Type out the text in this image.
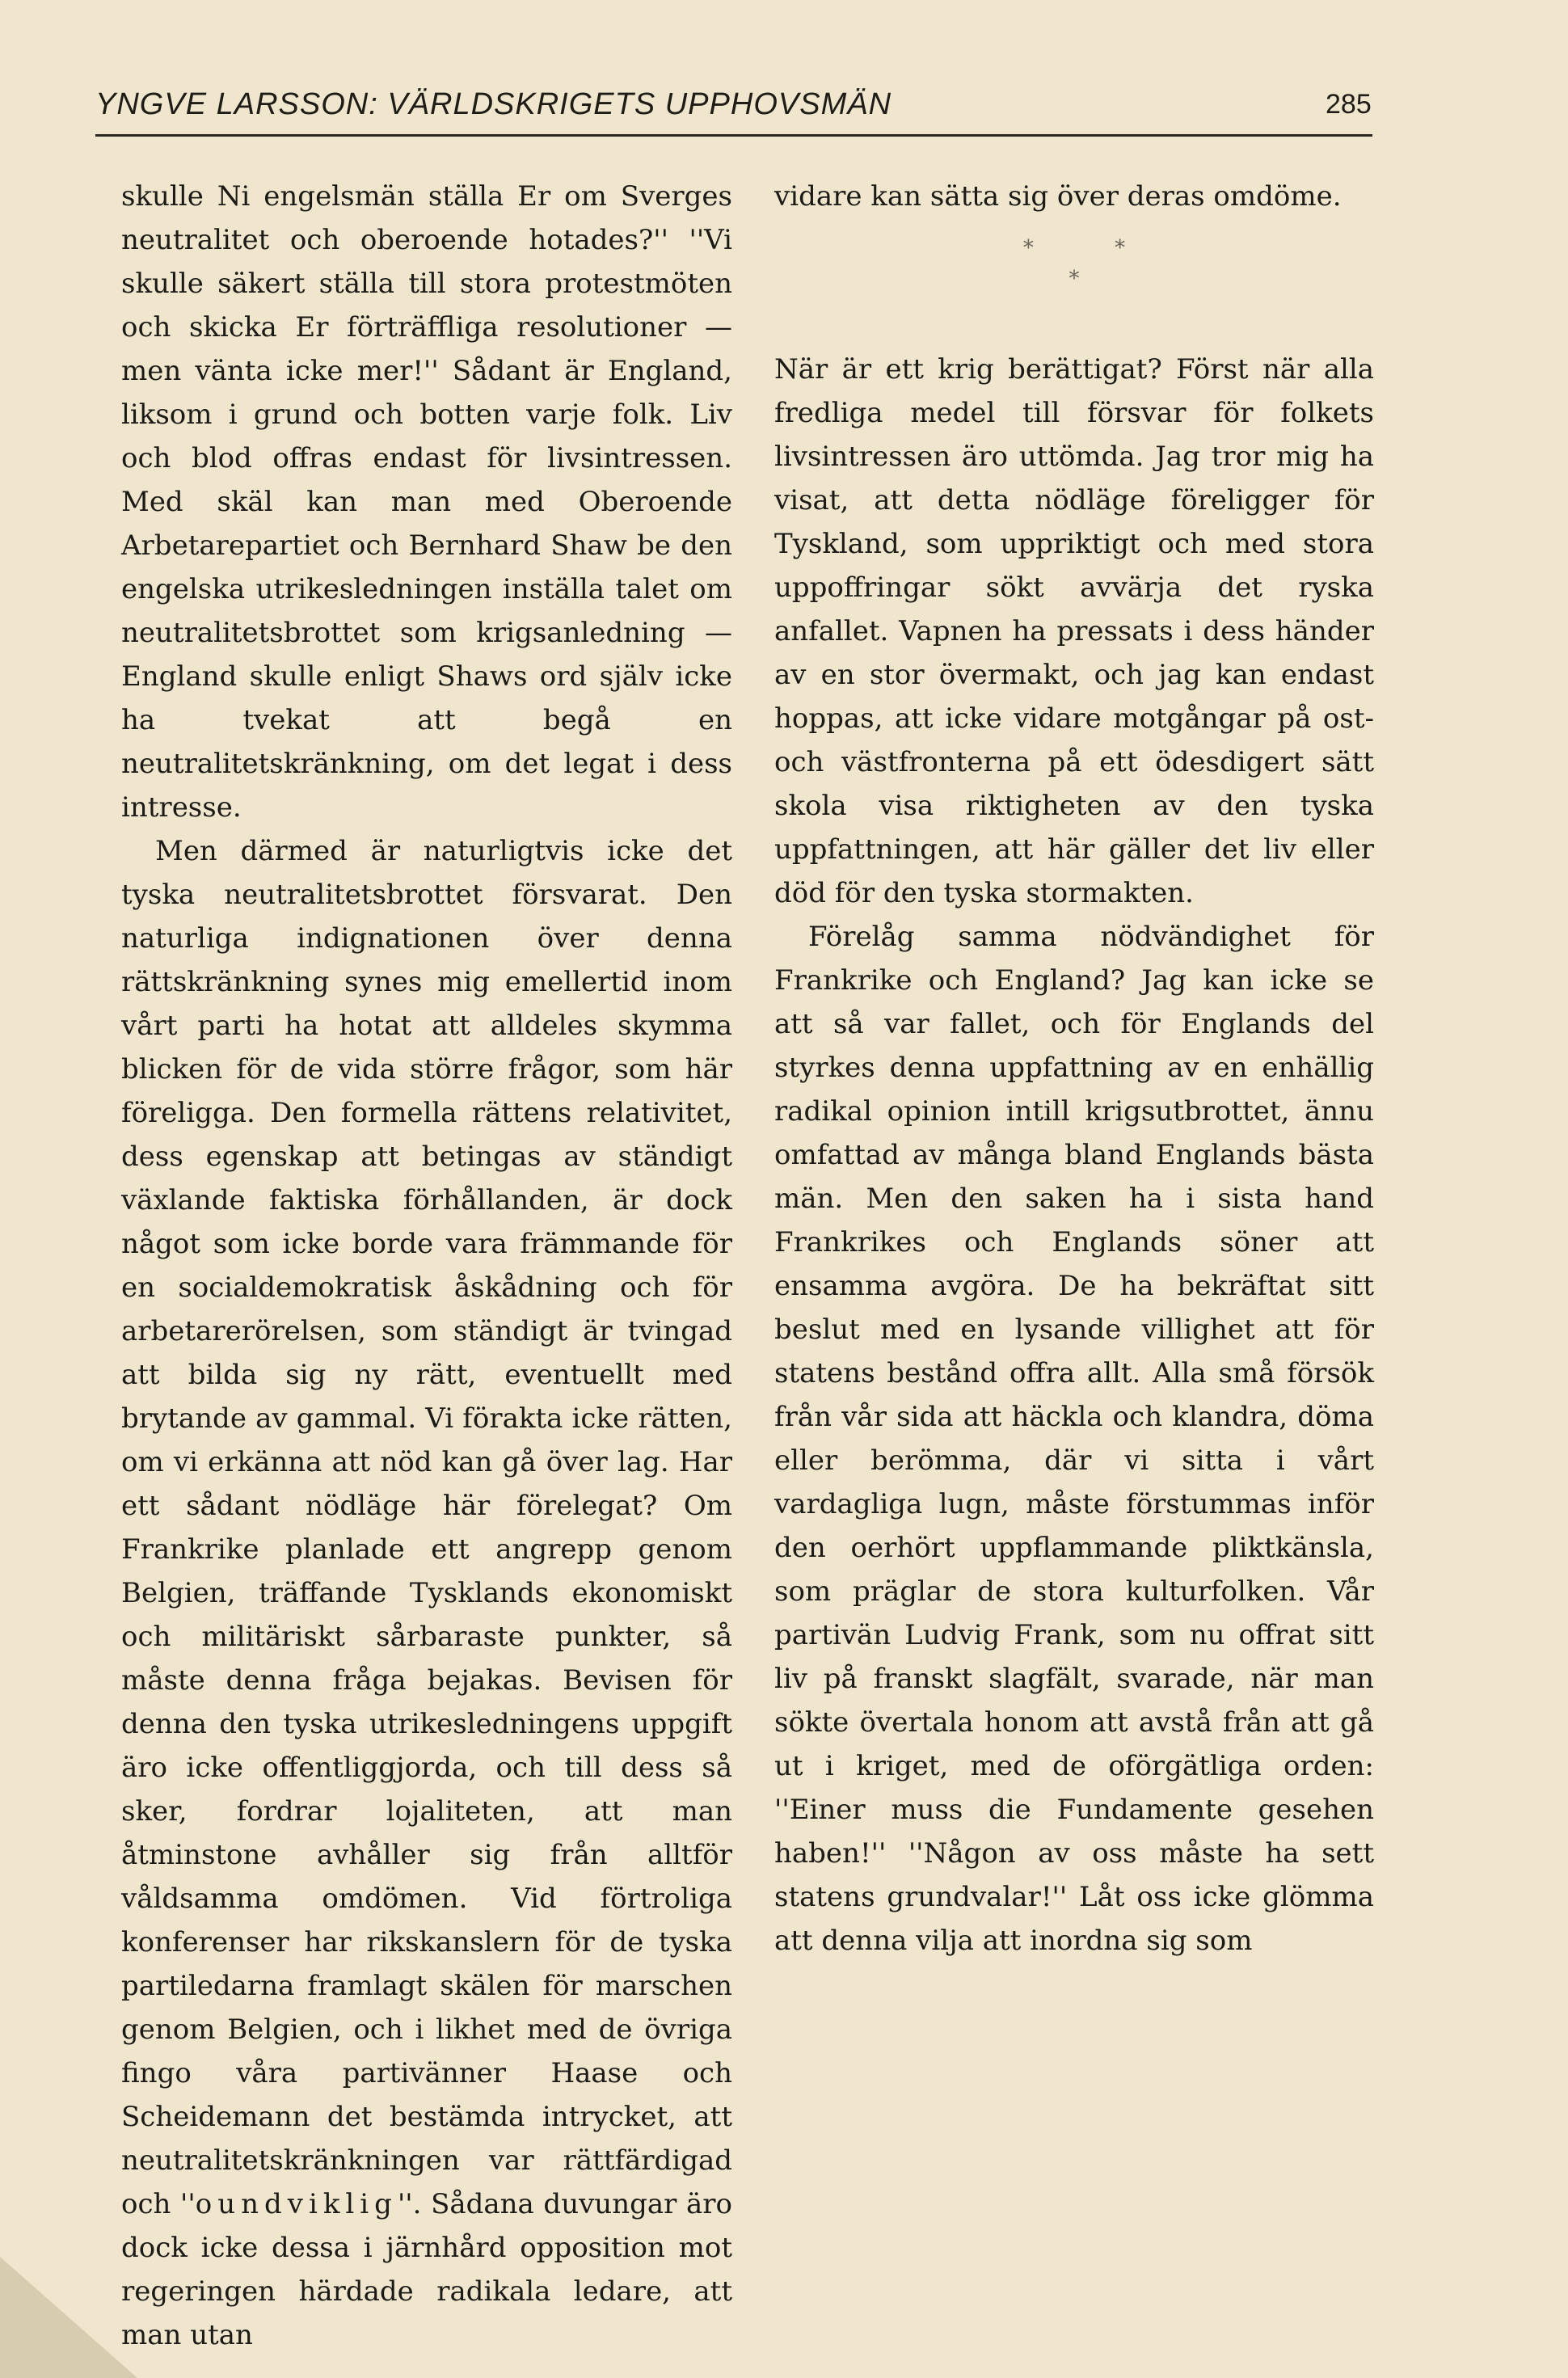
YNGVE LARSSON: VÄRLDSKRIGETS UPPHOVSMÄN	285

skulle Ni engelsmän ställa Er om Sverges neutralitet och oberoende hotades?'' ''Vi skulle säkert ställa till stora protestmöten och skicka Er förträffliga resolutioner — men vänta icke mer!'' Sådant är England, liksom i grund och botten varje folk. Liv och blod offras endast för livsintressen. Med skäl kan man med Oberoende Arbetarepartiet och Bernhard Shaw be den engelska utrikesledningen inställa talet om neutralitetsbrottet som krigsanledning — England skulle enligt Shaws ord själv icke ha tvekat att begå en neutralitetskränkning, om det legat i dess intresse.

Men därmed är naturligtvis icke det tyska neutralitetsbrottet försvarat. Den naturliga indignationen över denna rättskränkning synes mig emellertid inom vårt parti ha hotat att alldeles skymma blicken för de vida större frågor, som här föreligga. Den formella rättens relativitet, dess egenskap att betingas av ständigt växlande faktiska förhållanden, är dock något som icke borde vara främmande för en socialdemokratisk åskådning och för arbetarerörelsen, som ständigt är tvingad att bilda sig ny rätt, eventuellt med brytande av gammal. Vi förakta icke rätten, om vi erkänna att nöd kan gå över lag. Har ett sådant nödläge här förelegat? Om Frankrike planlade ett angrepp genom Belgien, träffande Tysklands ekonomiskt och militäriskt sårbaraste punkter, så måste denna fråga bejakas. Bevisen för denna den tyska utrikesledningens uppgift äro icke offentliggjorda, och till dess så sker, fordrar lojaliteten, att man åtminstone avhåller sig från alltför våldsamma omdömen. Vid förtroliga konferenser har rikskanslern för de tyska partiledarna framlagt skälen för marschen genom Belgien, och i likhet med de övriga fingo våra partivänner Haase och Scheidemann det bestämda intrycket, att neutralitetskränkningen var rättfärdigad och ''oundviklig''. Sådana duvungar äro dock icke dessa i järnhård opposition mot regeringen härdade radikala ledare, att man utan

vidare kan sätta sig över deras omdöme.

*	*
*

När är ett krig berättigat? Först när alla fredliga medel till försvar för folkets livsintressen äro uttömda. Jag tror mig ha visat, att detta nödläge föreligger för Tyskland, som uppriktigt och med stora uppoffringar sökt avvärja det ryska anfallet. Vapnen ha pressats i dess händer av en stor övermakt, och jag kan endast hoppas, att icke vidare motgångar på ost- och västfronterna på ett ödesdigert sätt skola visa riktigheten av den tyska uppfattningen, att här gäller det liv eller död för den tyska stormakten.

Förelåg samma nödvändighet för Frankrike och England? Jag kan icke se att så var fallet, och för Englands del styrkes denna uppfattning av en enhällig radikal opinion intill krigsutbrottet, ännu omfattad av många bland Englands bästa män. Men den saken ha i sista hand Frankrikes och Englands söner att ensamma avgöra. De ha bekräftat sitt beslut med en lysande villighet att för statens bestånd offra allt. Alla små försök från vår sida att häckla och klandra, döma eller berömma, där vi sitta i vårt vardagliga lugn, måste förstummas inför den oerhört uppflammande pliktkänsla, som präglar de stora kulturfolken. Vår partivän Ludvig Frank, som nu offrat sitt liv på franskt slagfält, svarade, när man sökte övertala honom att avstå från att gå ut i kriget, med de oförgätliga orden: ''Einer muss die Fundamente gesehen haben!'' ''Någon av oss måste ha sett statens grundvalar!'' Låt oss icke glömma att denna vilja att inordna sig som
